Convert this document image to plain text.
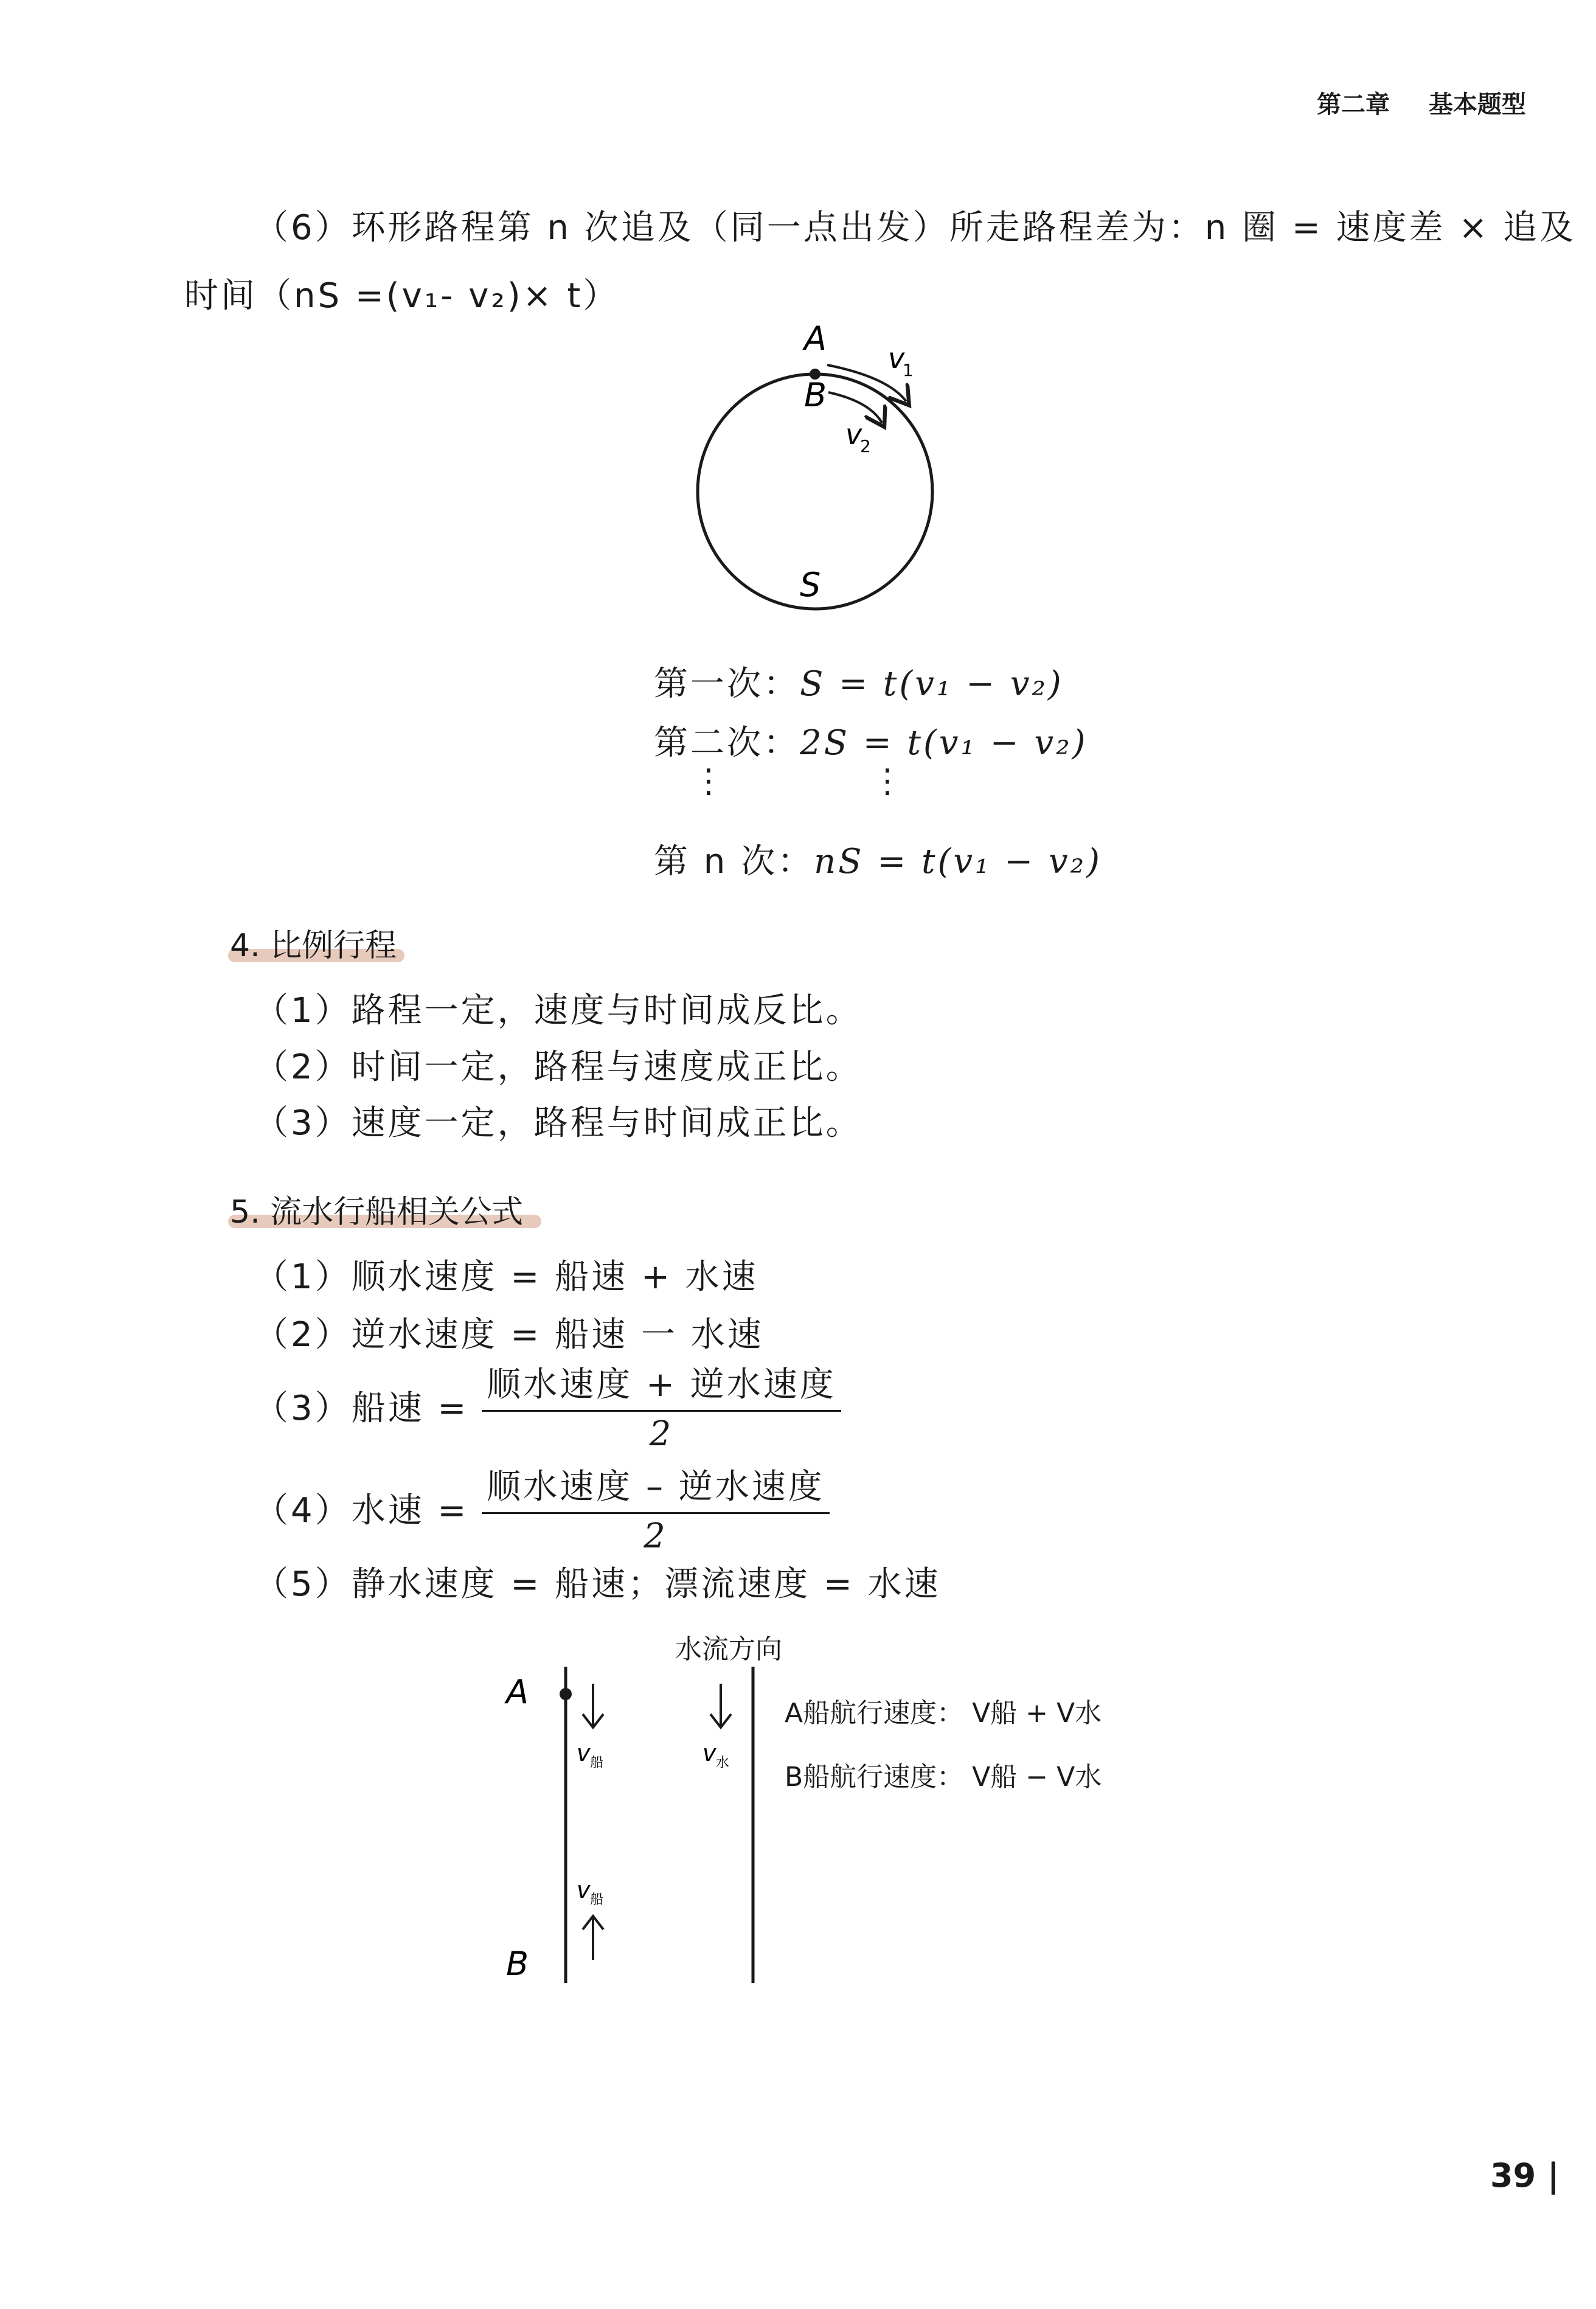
第二章 基本题型
（6）环形路程第 n 次追及（同一点出发）所走路程差为：n 圈 = 速度差 × 追及
时间（nS =(v₁- v₂)× t）
A
B
v
1
v
2
S
第一次：S = t(v₁ − v₂)
第二次：2S = t(v₁ − v₂)
⋮	⋮
第 n 次：nS = t(v₁ − v₂)
4. 比例行程
（1）路程一定，速度与时间成反比。
（2）时间一定，路程与速度成正比。
（3）速度一定，路程与时间成正比。
5. 流水行船相关公式
（1）顺水速度 = 船速 + 水速
（2）逆水速度 = 船速 一 水速
（3）船速 = $\frac{\text{顺水速度 + 逆水速度}}{2}$
（4）水速 = $\frac{\text{顺水速度 – 逆水速度}}{2}$
（5）静水速度 = 船速；漂流速度 = 水速
水流方向
A
B
v 船	v 水
v 船
A船航行速度： V船 + V水
B船航行速度： V船 − V水
39 |
